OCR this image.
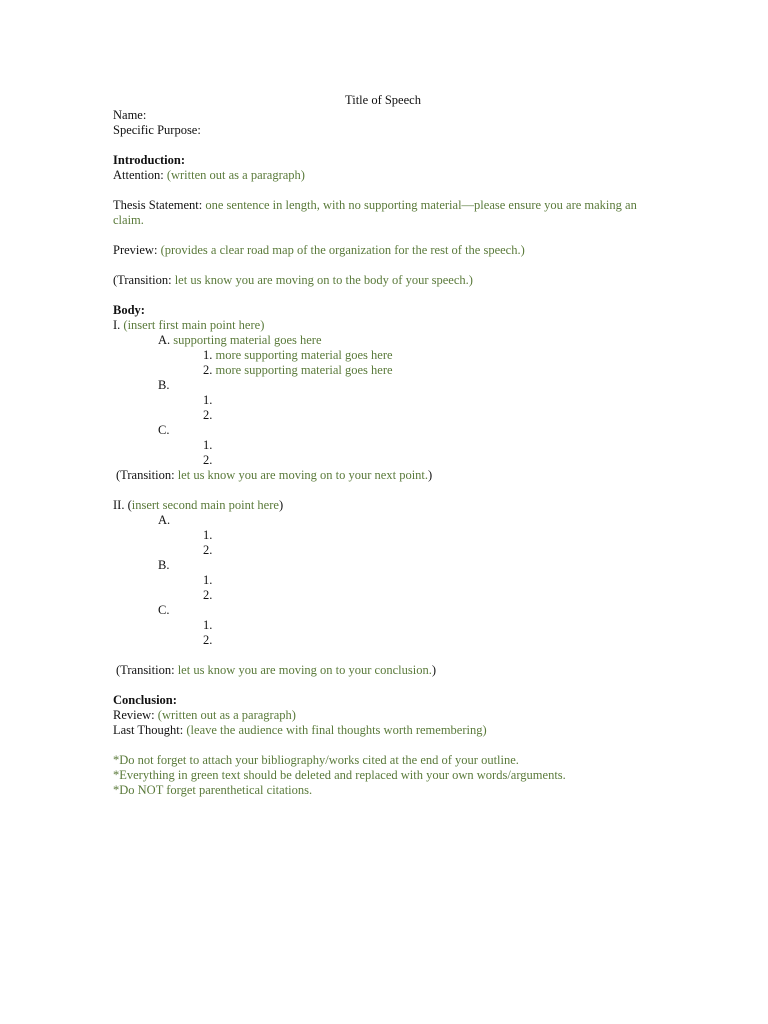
Title of Speech
Name:
Specific Purpose:
Introduction:
Attention: (written out as a paragraph)
Thesis Statement: one sentence in length, with no supporting material—please ensure you are making an claim.
Preview: (provides a clear road map of the organization for the rest of the speech.)
(Transition: let us know you are moving on to the body of your speech.)
Body:
I. (insert first main point here)
A. supporting material goes here
1. more supporting material goes here
2. more supporting material goes here
B.
1.
2.
C.
1.
2.
(Transition: let us know you are moving on to your next point.)
II. (insert second main point here)
A.
1.
2.
B.
1.
2.
C.
1.
2.
(Transition: let us know you are moving on to your conclusion.)
Conclusion:
Review: (written out as a paragraph)
Last Thought: (leave the audience with final thoughts worth remembering)
*Do not forget to attach your bibliography/works cited at the end of your outline.
*Everything in green text should be deleted and replaced with your own words/arguments.
*Do NOT forget parenthetical citations.
